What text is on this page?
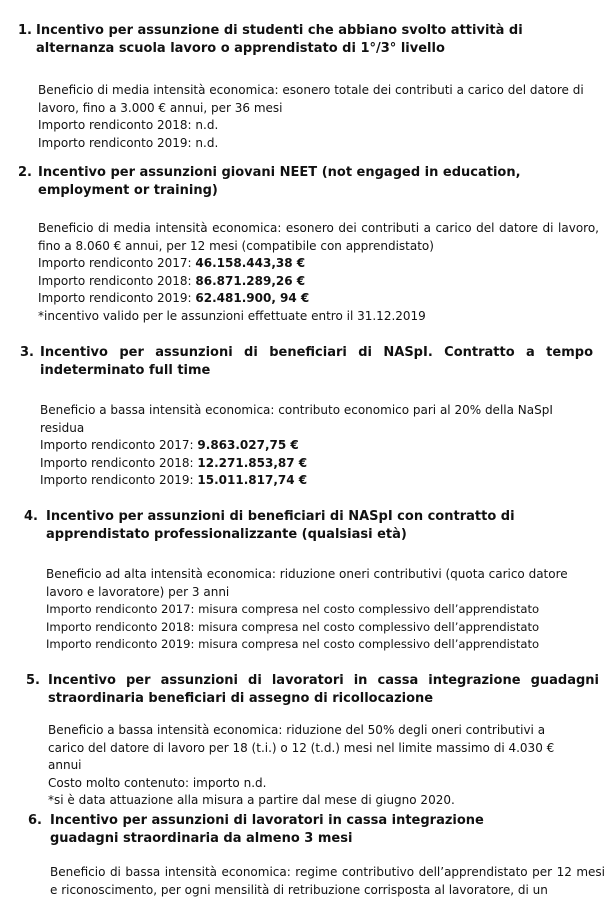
1. Incentivo per assunzione di studenti che abbiano svolto attività di alternanza scuola lavoro o apprendistato di 1°/3° livello

Beneficio di media intensità economica: esonero totale dei contributi a carico del datore di lavoro, fino a 3.000 € annui, per 36 mesi

Importo rendiconto 2018: n.d.

Importo rendiconto 2019: n.d.

2. Incentivo per assunzioni giovani NEET (not engaged in education, employment or training)

Beneficio di media intensità economica: esonero dei contributi a carico del datore di lavoro, fino a 8.060 € annui, per 12 mesi (compatibile con apprendistato)

Importo rendiconto 2017: 46.158.443,38 €

Importo rendiconto 2018: 86.871.289,26 €

Importo rendiconto 2019: 62.481.900, 94 €

*incentivo valido per le assunzioni effettuate entro il 31.12.2019

3. Incentivo per assunzioni di beneficiari di NASpI. Contratto a tempo indeterminato full time

Beneficio a bassa intensità economica: contributo economico pari al 20% della NaSpI residua

Importo rendiconto 2017: 9.863.027,75 €

Importo rendiconto 2018: 12.271.853,87 €

Importo rendiconto 2019: 15.011.817,74 €

4. Incentivo per assunzioni di beneficiari di NASpI con contratto di apprendistato professionalizzante (qualsiasi età)

Beneficio ad alta intensità economica: riduzione oneri contributivi (quota carico datore lavoro e lavoratore) per 3 anni

Importo rendiconto 2017: misura compresa nel costo complessivo dell’apprendistato

Importo rendiconto 2018: misura compresa nel costo complessivo dell’apprendistato

Importo rendiconto 2019: misura compresa nel costo complessivo dell’apprendistato

5. Incentivo per assunzioni di lavoratori in cassa integrazione guadagni straordinaria beneficiari di assegno di ricollocazione

Beneficio a bassa intensità economica: riduzione del 50% degli oneri contributivi a carico del datore di lavoro per 18 (t.i.) o 12 (t.d.) mesi nel limite massimo di 4.030 € annui

Costo molto contenuto: importo n.d.

*si è data attuazione alla misura a partire dal mese di giugno 2020.

6. Incentivo per assunzioni di lavoratori in cassa integrazione guadagni straordinaria da almeno 3 mesi

Beneficio di bassa intensità economica: regime contributivo dell’apprendistato per 12 mesi e riconoscimento, per ogni mensilità di retribuzione corrisposta al lavoratore, di un
